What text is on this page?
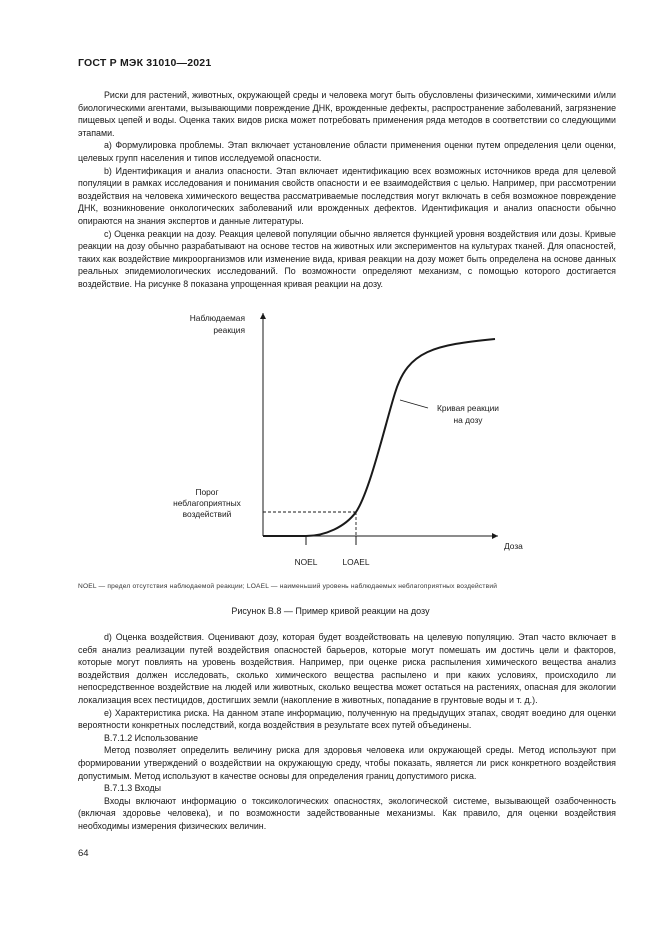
ГОСТ Р МЭК 31010—2021

Риски для растений, животных, окружающей среды и человека могут быть обусловлены физическими, химическими и/или биологическими агентами, вызывающими повреждение ДНК, врожденные дефекты, распространение заболеваний, загрязнение пищевых цепей и воды. Оценка таких видов риска может потребовать применения ряда методов в соответствии со следующими этапами.

a) Формулировка проблемы. Этап включает установление области применения оценки путем определения цели оценки, целевых групп населения и типов исследуемой опасности.

b) Идентификация и анализ опасности. Этап включает идентификацию всех возможных источников вреда для целевой популяции в рамках исследования и понимания свойств опасности и ее взаимодействия с целью. Например, при рассмотрении воздействия на человека химического вещества рассматриваемые последствия могут включать в себя возможное повреждение ДНК, возникновение онкологических заболеваний или врожденных дефектов. Идентификация и анализ опасности обычно опираются на знания экспертов и данные литературы.

c) Оценка реакции на дозу. Реакция целевой популяции обычно является функцией уровня воздействия или дозы. Кривые реакции на дозу обычно разрабатывают на основе тестов на животных или экспериментов на культурах тканей. Для опасностей, таких как воздействие микроорганизмов или изменение вида, кривая реакции на дозу может быть определена на основе данных реальных эпидемиологических исследований. По возможности определяют механизм, с помощью которого достигается воздействие. На рисунке 8 показана упрощенная кривая реакции на дозу.

Наблюдаемая
реакция
Кривая реакции
на дозу
Порог
неблагоприятных
воздействий
Доза
NOEL	LOAEL
NOEL — предел отсутствия наблюдаемой реакции; LOAEL — наименьший уровень наблюдаемых неблагоприятных воздействий
Рисунок В.8 — Пример кривой реакции на дозу

d) Оценка воздействия. Оценивают дозу, которая будет воздействовать на целевую популяцию. Этап часто включает в себя анализ реализации путей воздействия опасностей барьеров, которые могут помешать им достичь цели и факторов, которые могут повлиять на уровень воздействия. Например, при оценке риска распыления химического вещества анализ воздействия должен исследовать, сколько химического вещества распылено и при каких условиях, происходило ли непосредственное воздействие на людей или животных, сколько вещества может остаться на растениях, опасная для экологии локализация всех пестицидов, достигших земли (накопление в животных, попадание в грунтовые воды и т. д.).

e) Характеристика риска. На данном этапе информацию, полученную на предыдущих этапах, сводят воедино для оценки вероятности конкретных последствий, когда воздействия в результате всех путей объединены.

В.7.1.2 Использование

Метод позволяет определить величину риска для здоровья человека или окружающей среды. Метод используют при формировании утверждений о воздействии на окружающую среду, чтобы показать, является ли риск конкретного воздействия допустимым. Метод используют в качестве основы для определения границ допустимого риска.

В.7.1.3 Входы

Входы включают информацию о токсикологических опасностях, экологической системе, вызывающей озабоченность (включая здоровье человека), и по возможности задействованные механизмы. Как правило, для оценки воздействия необходимы измерения физических величин.

64
